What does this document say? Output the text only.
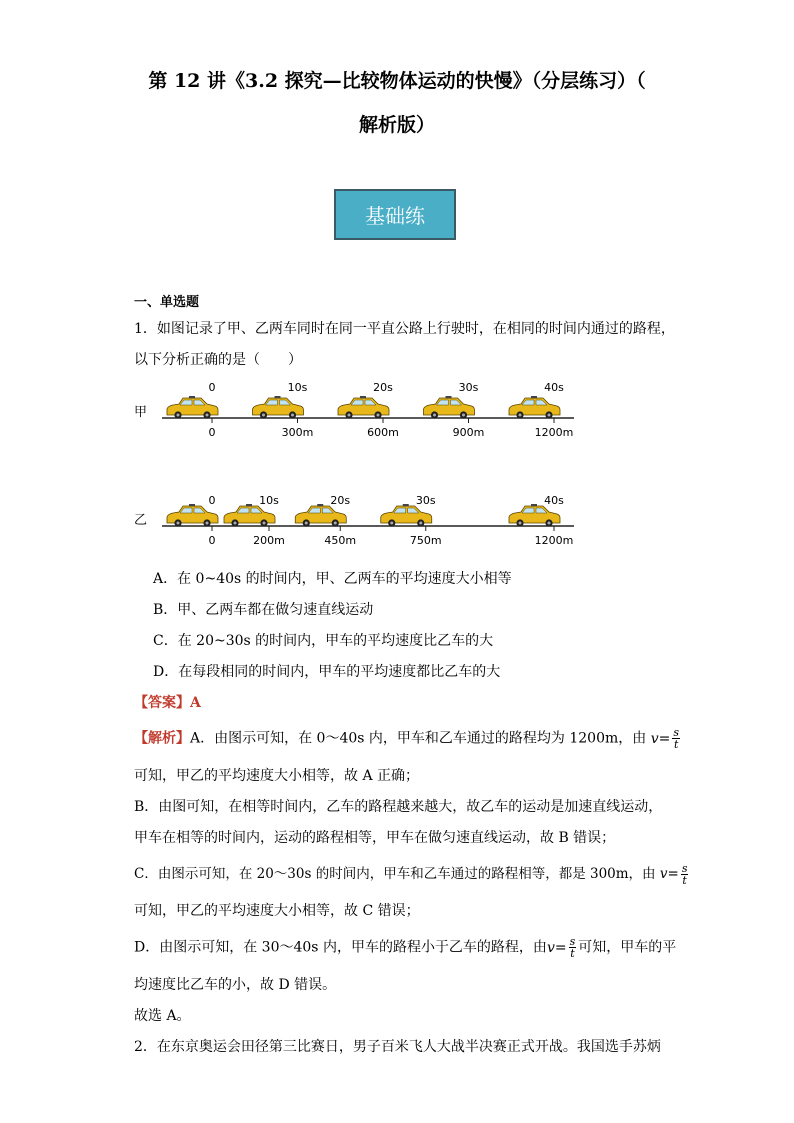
第 12 讲《3.2 探究—比较物体运动的快慢》（分层练习）（
解析版）
基础练
一、单选题
1．如图记录了甲、乙两车同时在同一平直公路上行驶时，在相同的时间内通过的路程，
以下分析正确的是（　　）
甲
0
0
10s
300m
20s
600m
30s
900m
40s
1200m
乙
0
0
10s
200m
20s
450m
30s
750m
40s
1200m
A．在 0~40s 的时间内，甲、乙两车的平均速度大小相等
B．甲、乙两车都在做匀速直线运动
C．在 20~30s 的时间内，甲车的平均速度比乙车的大
D．在每段相同的时间内，甲车的平均速度都比乙车的大
【答案】A
【解析】A．由图示可知，在 0～40s 内，甲车和乙车通过的路程均为 1200m，由 $v= \frac{s}{t}$
可知，甲乙的平均速度大小相等，故 A 正确；
B．由图可知，在相等时间内，乙车的路程越来越大，故乙车的运动是加速直线运动，
甲车在相等的时间内，运动的路程相等，甲车在做匀速直线运动，故 B 错误；
C．由图示可知，在 20～30s 的时间内，甲车和乙车通过的路程相等，都是 300m，由 $v= \frac{s}{t}$
可知，甲乙的平均速度大小相等，故 C 错误；
D．由图示可知，在 30～40s 内，甲车的路程小于乙车的路程，由$v= \frac{s}{t}$ 可知，甲车的平
均速度比乙车的小，故 D 错误。
故选 A。
2．在东京奥运会田径第三比赛日，男子百米飞人大战半决赛正式开战。我国选手苏炳
